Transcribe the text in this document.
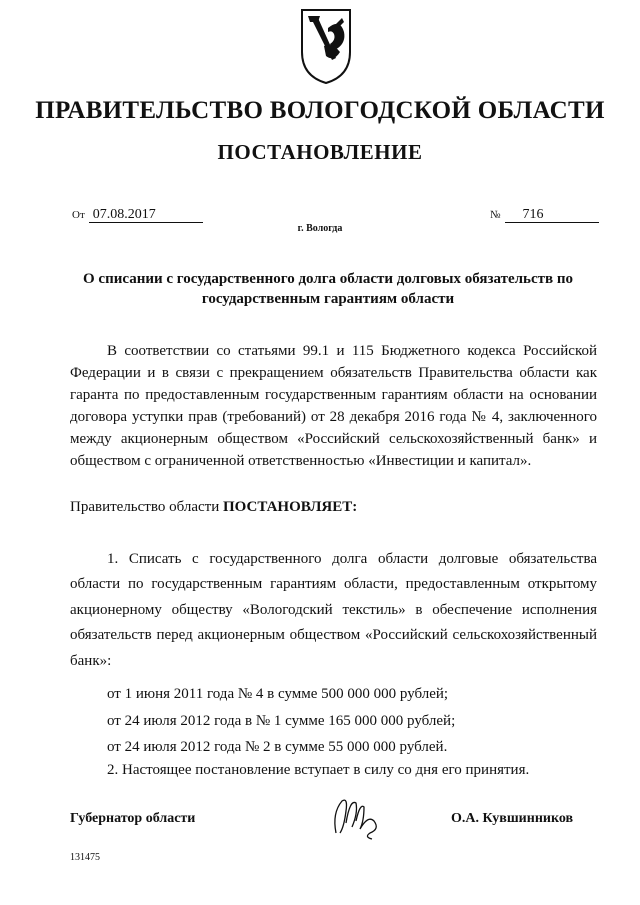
ПРАВИТЕЛЬСТВО ВОЛОГОДСКОЙ ОБЛАСТИ
ПОСТАНОВЛЕНИЕ
От 07.08.2017	№ 716
г. Вологда
О списании с государственного долга области долговых обязательств по государственным гарантиям области
В соответствии со статьями 99.1 и 115 Бюджетного кодекса Российской Федерации и в связи с прекращением обязательств Правительства области как гаранта по предоставленным государственным гарантиям области на основании договора уступки прав (требований) от 28 декабря 2016 года № 4, заключенного между акционерным обществом «Российский сельскохозяйственный банк» и обществом с ограниченной ответственностью «Инвестиции и капитал».
Правительство области ПОСТАНОВЛЯЕТ:
1. Списать с государственного долга области долговые обязательства области по государственным гарантиям области, предоставленным открытому акционерному обществу «Вологодский текстиль» в обеспечение исполнения обязательств перед акционерным обществом «Российский сельскохозяйственный банк»:
от 1 июня 2011 года № 4 в сумме 500 000 000 рублей;
от 24 июля 2012 года в № 1 сумме 165 000 000 рублей;
от 24 июля 2012 года № 2 в сумме 55 000 000 рублей.
2. Настоящее постановление вступает в силу со дня его принятия.
Губернатор области	О.А. Кувшинников
131475
